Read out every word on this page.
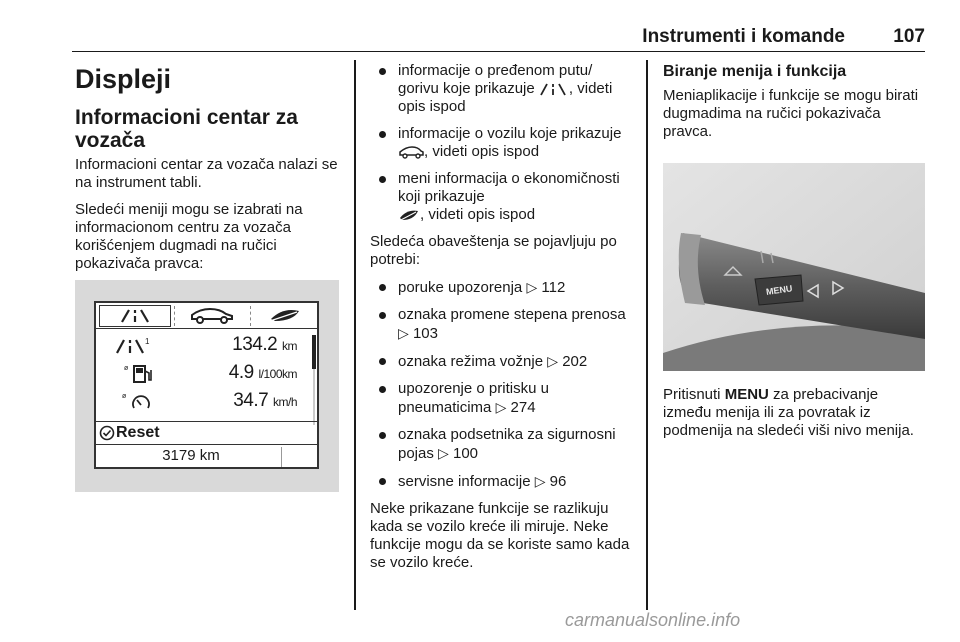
Instrumenti i komande	107
Displeji
Informacioni centar za vozača

Informacioni centar za vozača nalazi se na instrument tabli.

Sledeći meniji mogu se izabrati na informacionom centru za vozača korišćenjem dugmadi na ručici pokazivača pravca:

1	134.2 km
ø	4.9 l/100km
ø	34.7 km/h
Reset
3179 km
informacije o pređenom putu/ gorivu koje prikazuje , videti opis ispod
informacije o vozilu koje prikazuje , videti opis ispod
meni informacija o ekonomičnosti koji prikazuje
, videti opis ispod

Sledeća obaveštenja se pojavljuju po potrebi:

poruke upozorenja ▷ 112
oznaka promene stepena prenosa ▷ 103
oznaka režima vožnje ▷ 202
upozorenje o pritisku u pneumaticima ▷ 274
oznaka podsetnika za sigurnosni pojas ▷ 100
servisne informacije ▷ 96

Neke prikazane funkcije se razlikuju kada se vozilo kreće ili miruje. Neke funkcije mogu da se koriste samo kada se vozilo kreće.

Biranje menija i funkcija

Meniaplikacije i funkcije se mogu birati dugmadima na ručici pokazivača pravca.

MENU

Pritisnuti MENU za prebacivanje između menija ili za povratak iz podmenija na sledeći viši nivo menija.

carmanualsonline.info
